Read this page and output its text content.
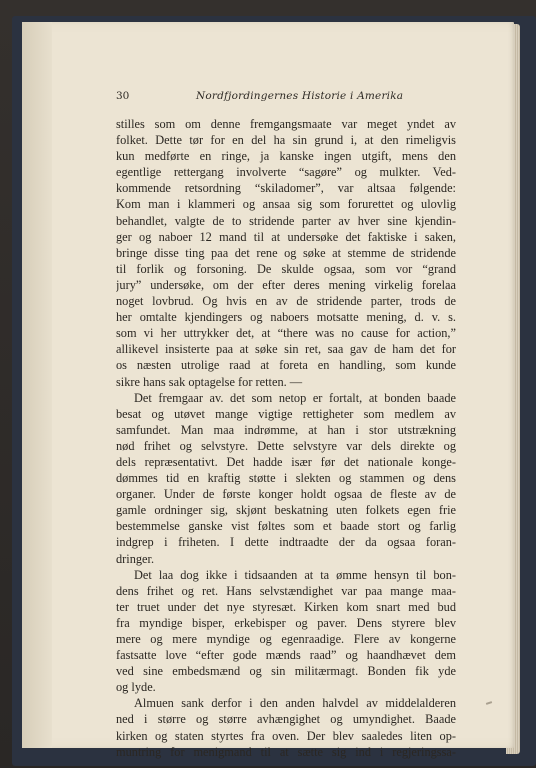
30	Nordfjordingernes Historie i Amerika
stilles som om denne fremgangsmaate var meget yndet av
folket. Dette tør for en del ha sin grund i, at den rimeligvis
kun medførte en ringe, ja kanske ingen utgift, mens den
egentlige rettergang involverte “sagøre” og mulkter. Ved-
kommende retsordning “skiladomer”, var altsaa følgende:
Kom man i klammeri og ansaa sig som forurettet og ulovlig
behandlet, valgte de to stridende parter av hver sine kjendin-
ger og naboer 12 mand til at undersøke det faktiske i saken,
bringe disse ting paa det rene og søke at stemme de stridende
til forlik og forsoning. De skulde ogsaa, som vor “grand
jury” undersøke, om der efter deres mening virkelig forelaa
noget lovbrud. Og hvis en av de stridende parter, trods de
her omtalte kjendingers og naboers motsatte mening, d. v. s.
som vi her uttrykker det, at “there was no cause for action,”
allikevel insisterte paa at søke sin ret, saa gav de ham det for
os næsten utrolige raad at foreta en handling, som kunde
sikre hans sak optagelse for retten. —
Det fremgaar av. det som netop er fortalt, at bonden baade
besat og utøvet mange vigtige rettigheter som medlem av
samfundet. Man maa indrømme, at han i stor utstrækning
nød frihet og selvstyre. Dette selvstyre var dels direkte og
dels repræsentativt. Det hadde især før det nationale konge-
dømmes tid en kraftig støtte i slekten og stammen og dens
organer. Under de første konger holdt ogsaa de fleste av de
gamle ordninger sig, skjønt beskatning uten folkets egen frie
bestemmelse ganske vist føltes som et baade stort og farlig
indgrep i friheten. I dette indtraadte der da ogsaa foran-
dringer.
Det laa dog ikke i tidsaanden at ta ømme hensyn til bon-
dens frihet og ret. Hans selvstændighet var paa mange maa-
ter truet under det nye styresæt. Kirken kom snart med bud
fra myndige bisper, erkebisper og paver. Dens styrere blev
mere og mere myndige og egenraadige. Flere av kongerne
fastsatte love “efter gode mænds raad” og haandhævet dem
ved sine embedsmænd og sin militærmagt. Bonden fik yde
og lyde.
Almuen sank derfor i den anden halvdel av middelalderen
ned i større og større avhængighet og umyndighet. Baade
kirken og staten styrtes fra oven. Der blev saaledes liten op-
muntring for menigmand til at sætte sig ind i regjeringssa-
